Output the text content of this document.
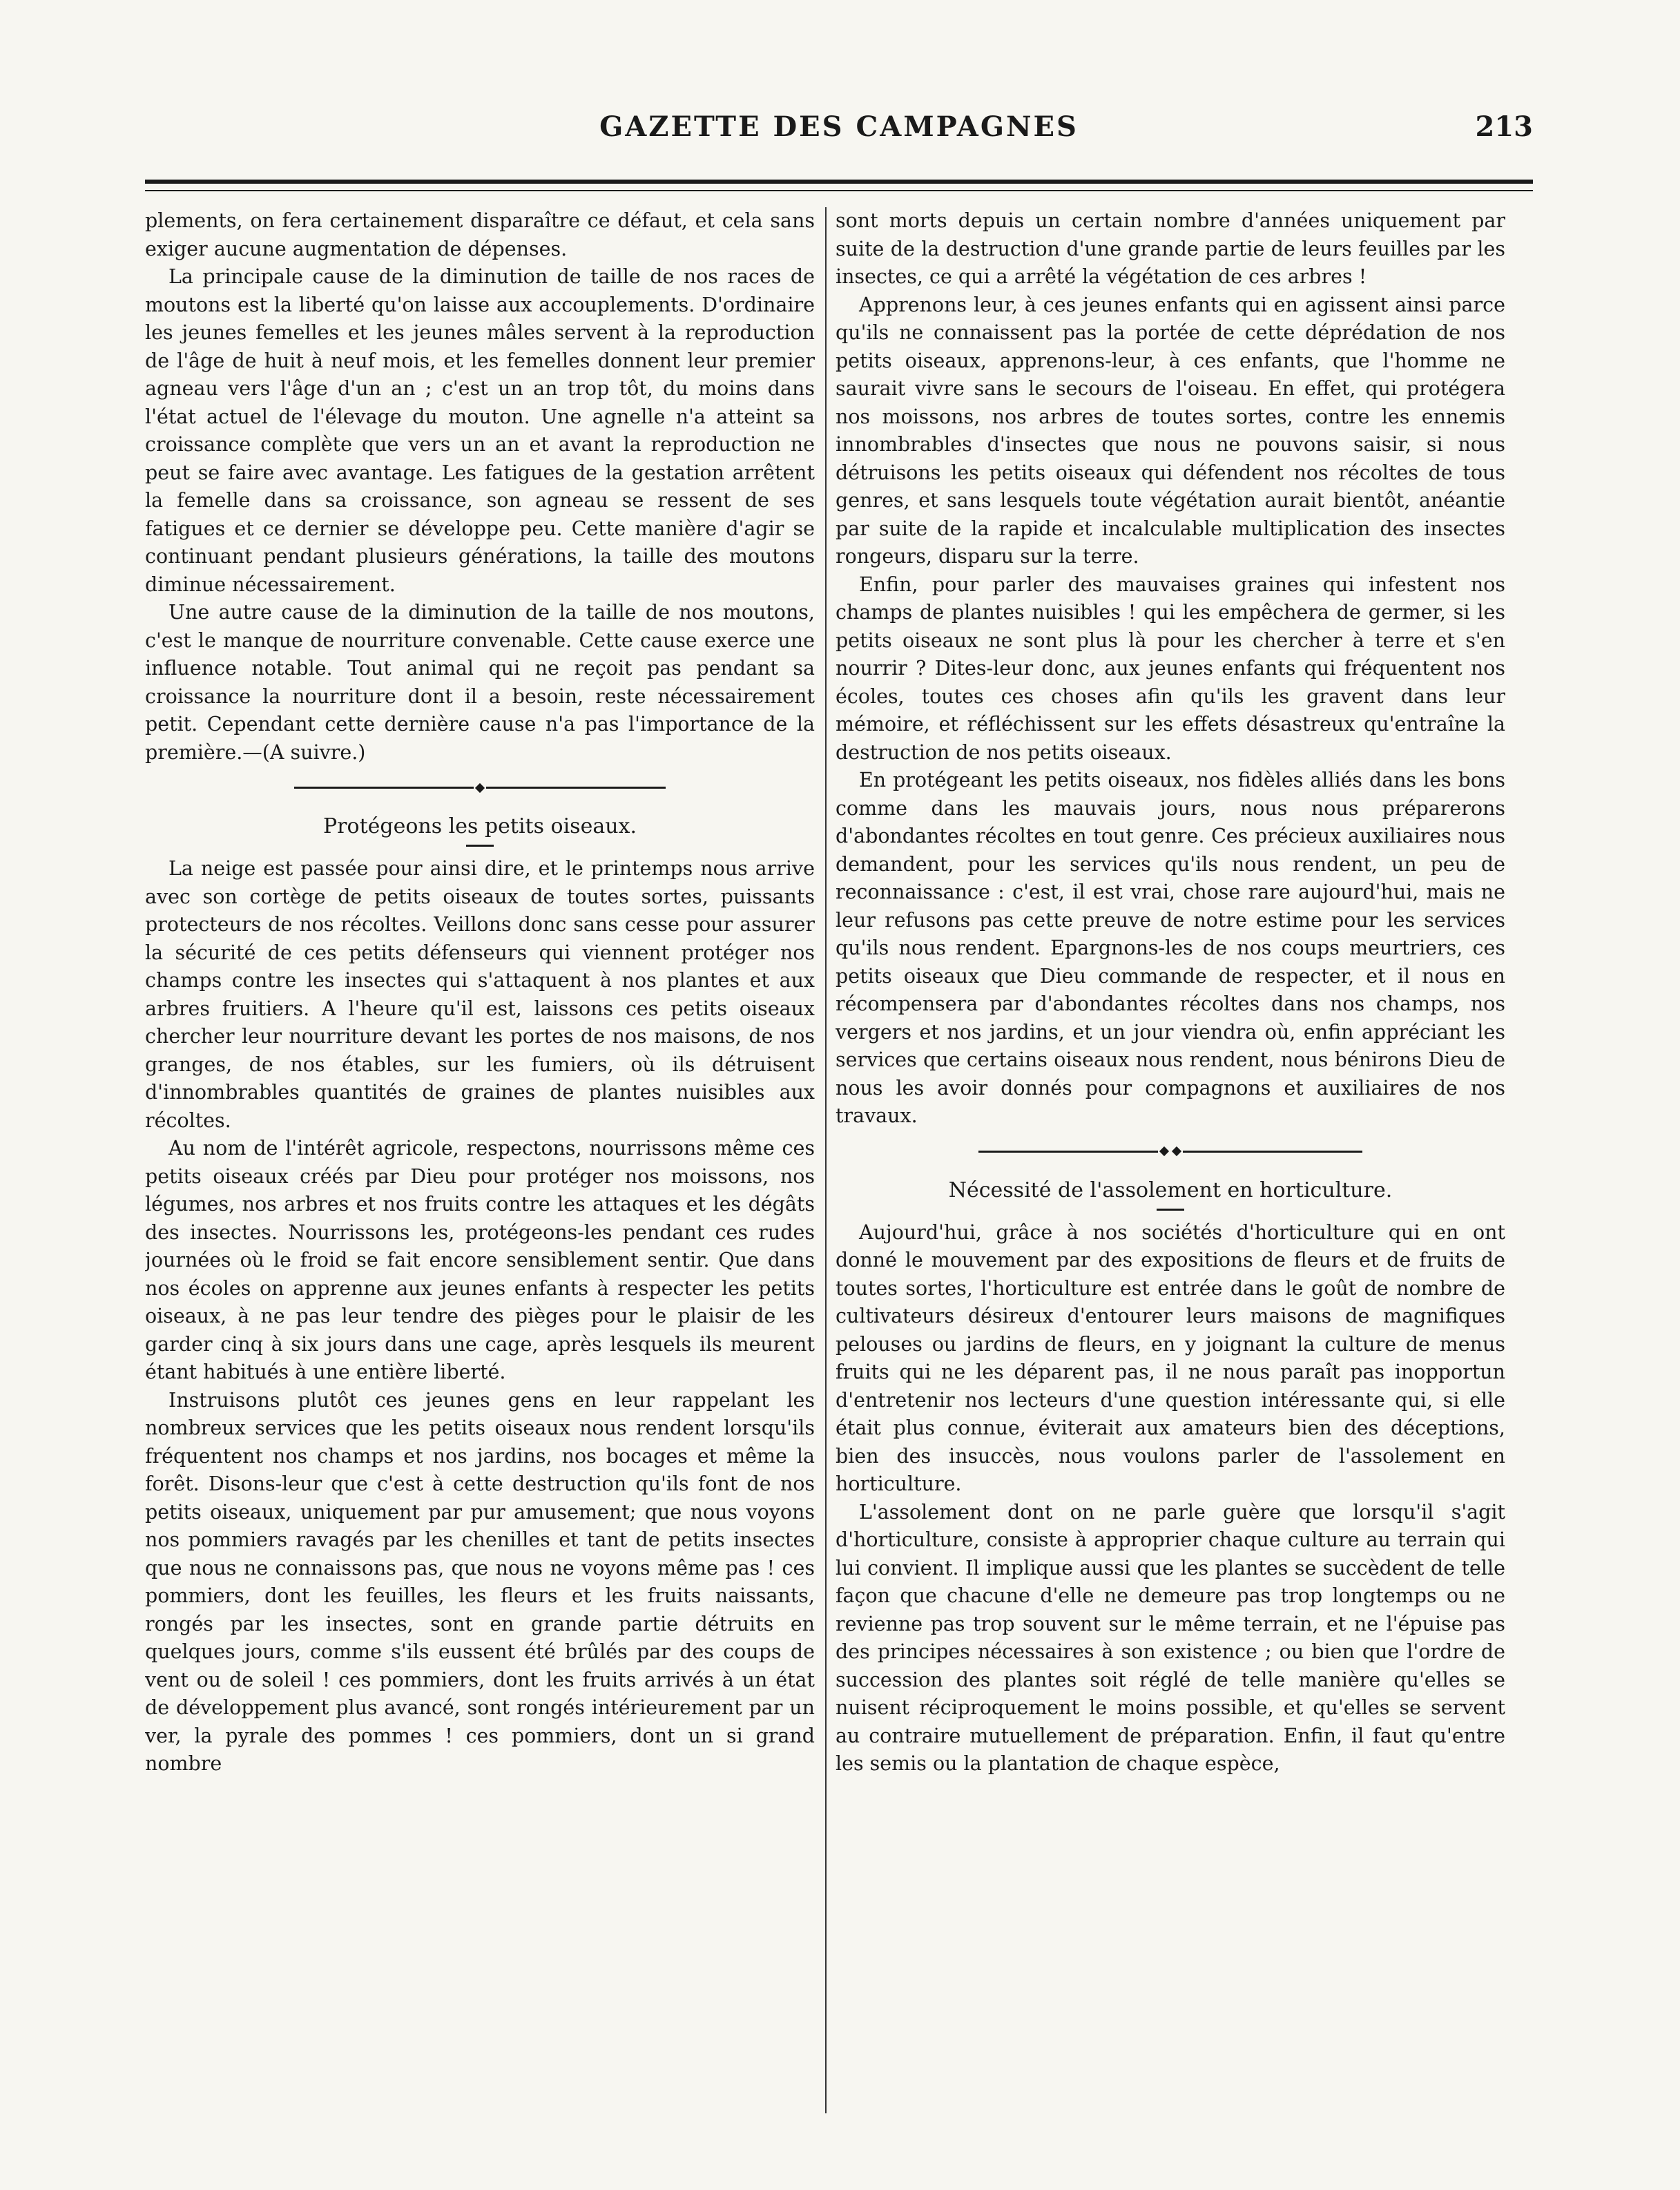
GAZETTE DES CAMPAGNES	213

plements, on fera certainement disparaître ce défaut, et cela sans exiger aucune augmentation de dépenses.

La principale cause de la diminution de taille de nos races de moutons est la liberté qu'on laisse aux accouplements. D'ordinaire les jeunes femelles et les jeunes mâles servent à la reproduction de l'âge de huit à neuf mois, et les femelles donnent leur premier agneau vers l'âge d'un an ; c'est un an trop tôt, du moins dans l'état actuel de l'élevage du mouton. Une agnelle n'a atteint sa croissance complète que vers un an et avant la reproduction ne peut se faire avec avantage. Les fatigues de la gestation arrêtent la femelle dans sa croissance, son agneau se ressent de ses fatigues et ce dernier se développe peu. Cette manière d'agir se continuant pendant plusieurs générations, la taille des moutons diminue nécessairement.

Une autre cause de la diminution de la taille de nos moutons, c'est le manque de nourriture convenable. Cette cause exerce une influence notable. Tout animal qui ne reçoit pas pendant sa croissance la nourriture dont il a besoin, reste nécessairement petit. Cependant cette dernière cause n'a pas l'importance de la première.—(A suivre.)

Protégeons les petits oiseaux.

La neige est passée pour ainsi dire, et le printemps nous arrive avec son cortège de petits oiseaux de toutes sortes, puissants protecteurs de nos récoltes. Veillons donc sans cesse pour assurer la sécurité de ces petits défenseurs qui viennent protéger nos champs contre les insectes qui s'attaquent à nos plantes et aux arbres fruitiers. A l'heure qu'il est, laissons ces petits oiseaux chercher leur nourriture devant les portes de nos maisons, de nos granges, de nos étables, sur les fumiers, où ils détruisent d'innombrables quantités de graines de plantes nuisibles aux récoltes.

Au nom de l'intérêt agricole, respectons, nourrissons même ces petits oiseaux créés par Dieu pour protéger nos moissons, nos légumes, nos arbres et nos fruits contre les attaques et les dégâts des insectes. Nourrissons les, protégeons-les pendant ces rudes journées où le froid se fait encore sensiblement sentir. Que dans nos écoles on apprenne aux jeunes enfants à respecter les petits oiseaux, à ne pas leur tendre des pièges pour le plaisir de les garder cinq à six jours dans une cage, après lesquels ils meurent étant habitués à une entière liberté.

Instruisons plutôt ces jeunes gens en leur rappelant les nombreux services que les petits oiseaux nous rendent lorsqu'ils fréquentent nos champs et nos jardins, nos bocages et même la forêt. Disons-leur que c'est à cette destruction qu'ils font de nos petits oiseaux, uniquement par pur amusement; que nous voyons nos pommiers ravagés par les chenilles et tant de petits insectes que nous ne connaissons pas, que nous ne voyons même pas ! ces pommiers, dont les feuilles, les fleurs et les fruits naissants, rongés par les insectes, sont en grande partie détruits en quelques jours, comme s'ils eussent été brûlés par des coups de vent ou de soleil ! ces pommiers, dont les fruits arrivés à un état de développement plus avancé, sont rongés intérieurement par un ver, la pyrale des pommes ! ces pommiers, dont un si grand nombre

sont morts depuis un certain nombre d'années uniquement par suite de la destruction d'une grande partie de leurs feuilles par les insectes, ce qui a arrêté la végétation de ces arbres !

Apprenons leur, à ces jeunes enfants qui en agissent ainsi parce qu'ils ne connaissent pas la portée de cette déprédation de nos petits oiseaux, apprenons-leur, à ces enfants, que l'homme ne saurait vivre sans le secours de l'oiseau. En effet, qui protégera nos moissons, nos arbres de toutes sortes, contre les ennemis innombrables d'insectes que nous ne pouvons saisir, si nous détruisons les petits oiseaux qui défendent nos récoltes de tous genres, et sans lesquels toute végétation aurait bientôt, anéantie par suite de la rapide et incalculable multiplication des insectes rongeurs, disparu sur la terre.

Enfin, pour parler des mauvaises graines qui infestent nos champs de plantes nuisibles ! qui les empêchera de germer, si les petits oiseaux ne sont plus là pour les chercher à terre et s'en nourrir ? Dites-leur donc, aux jeunes enfants qui fréquentent nos écoles, toutes ces choses afin qu'ils les gravent dans leur mémoire, et réfléchissent sur les effets désastreux qu'entraîne la destruction de nos petits oiseaux.

En protégeant les petits oiseaux, nos fidèles alliés dans les bons comme dans les mauvais jours, nous nous préparerons d'abondantes récoltes en tout genre. Ces précieux auxiliaires nous demandent, pour les services qu'ils nous rendent, un peu de reconnaissance : c'est, il est vrai, chose rare aujourd'hui, mais ne leur refusons pas cette preuve de notre estime pour les services qu'ils nous rendent. Epargnons-les de nos coups meurtriers, ces petits oiseaux que Dieu commande de respecter, et il nous en récompensera par d'abondantes récoltes dans nos champs, nos vergers et nos jardins, et un jour viendra où, enfin appréciant les services que certains oiseaux nous rendent, nous bénirons Dieu de nous les avoir donnés pour compagnons et auxiliaires de nos travaux.

Nécessité de l'assolement en horticulture.

Aujourd'hui, grâce à nos sociétés d'horticulture qui en ont donné le mouvement par des expositions de fleurs et de fruits de toutes sortes, l'horticulture est entrée dans le goût de nombre de cultivateurs désireux d'entourer leurs maisons de magnifiques pelouses ou jardins de fleurs, en y joignant la culture de menus fruits qui ne les déparent pas, il ne nous paraît pas inopportun d'entretenir nos lecteurs d'une question intéressante qui, si elle était plus connue, éviterait aux amateurs bien des déceptions, bien des insuccès, nous voulons parler de l'assolement en horticulture.

L'assolement dont on ne parle guère que lorsqu'il s'agit d'horticulture, consiste à approprier chaque culture au terrain qui lui convient. Il implique aussi que les plantes se succèdent de telle façon que chacune d'elle ne demeure pas trop longtemps ou ne revienne pas trop souvent sur le même terrain, et ne l'épuise pas des principes nécessaires à son existence ; ou bien que l'ordre de succession des plantes soit réglé de telle manière qu'elles se nuisent réciproquement le moins possible, et qu'elles se servent au contraire mutuellement de préparation. Enfin, il faut qu'entre les semis ou la plantation de chaque espèce,
